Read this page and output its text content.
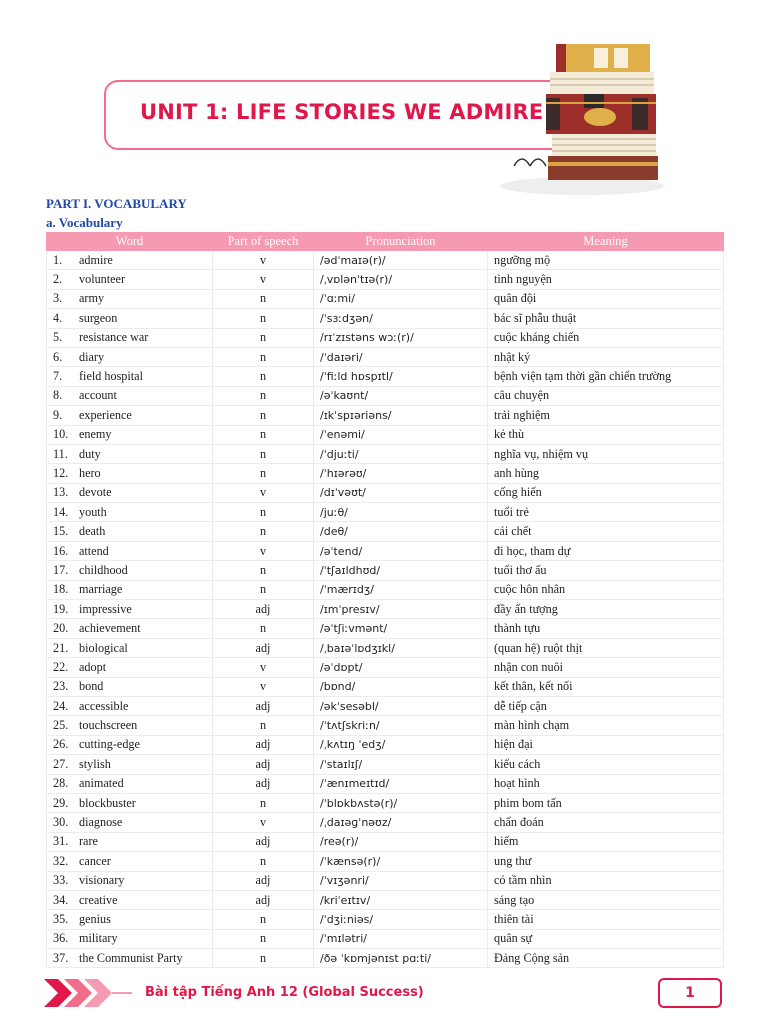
UNIT 1: LIFE STORIES WE ADMIRE
PART I. VOCABULARY
a. Vocabulary
Word	Part of speech	Pronunciation	Meaning
1. admire	v	/ədˈmaɪə(r)/	ngưỡng mộ
2. volunteer	v	/ˌvɒlənˈtɪə(r)/	tình nguyện
3. army	n	/ˈɑːmi/	quân đội
4. surgeon	n	/ˈsɜːdʒən/	bác sĩ phẫu thuật
5. resistance war	n	/rɪˈzɪstəns wɔː(r)/	cuộc kháng chiến
6. diary	n	/ˈdaɪəri/	nhật ký
7. field hospital	n	/ˈfiːld hɒspɪtl/	bệnh viện tạm thời gần chiến trường
8. account	n	/əˈkaʊnt/	câu chuyện
9. experience	n	/ɪkˈspɪəriəns/	trải nghiệm
10. enemy	n	/ˈenəmi/	kẻ thù
11. duty	n	/ˈdjuːti/	nghĩa vụ, nhiệm vụ
12. hero	n	/ˈhɪərəʊ/	anh hùng
13. devote	v	/dɪˈvəʊt/	cống hiến
14. youth	n	/juːθ/	tuổi trẻ
15. death	n	/deθ/	cái chết
16. attend	v	/əˈtend/	đi học, tham dự
17. childhood	n	/ˈtʃaɪldhʊd/	tuổi thơ ấu
18. marriage	n	/ˈmærɪdʒ/	cuộc hôn nhân
19. impressive	adj	/ɪmˈpresɪv/	đầy ấn tượng
20. achievement	n	/əˈtʃiːvmənt/	thành tựu
21. biological	adj	/ˌbaɪəˈlɒdʒɪkl/	(quan hệ) ruột thịt
22. adopt	v	/əˈdɒpt/	nhận con nuôi
23. bond	v	/bɒnd/	kết thân, kết nối
24. accessible	adj	/əkˈsesəbl/	dễ tiếp cận
25. touchscreen	n	/ˈtʌtʃskriːn/	màn hình chạm
26. cutting-edge	adj	/ˌkʌtɪŋ ˈedʒ/	hiện đại
27. stylish	adj	/ˈstaɪlɪʃ/	kiểu cách
28. animated	adj	/ˈænɪmeɪtɪd/	hoạt hình
29. blockbuster	n	/ˈblɒkbʌstə(r)/	phim bom tấn
30. diagnose	v	/ˌdaɪəɡˈnəʊz/	chẩn đoán
31. rare	adj	/reə(r)/	hiếm
32. cancer	n	/ˈkænsə(r)/	ung thư
33. visionary	adj	/ˈvɪʒənri/	có tầm nhìn
34. creative	adj	/kriˈeɪtɪv/	sáng tạo
35. genius	n	/ˈdʒiːniəs/	thiên tài
36. military	n	/ˈmɪlətri/	quân sự
37. the Communist Party	n	/ðə ˈkɒmjənɪst pɑːti/	Đảng Cộng sản
Bài tập Tiếng Anh 12 (Global Success)	1
